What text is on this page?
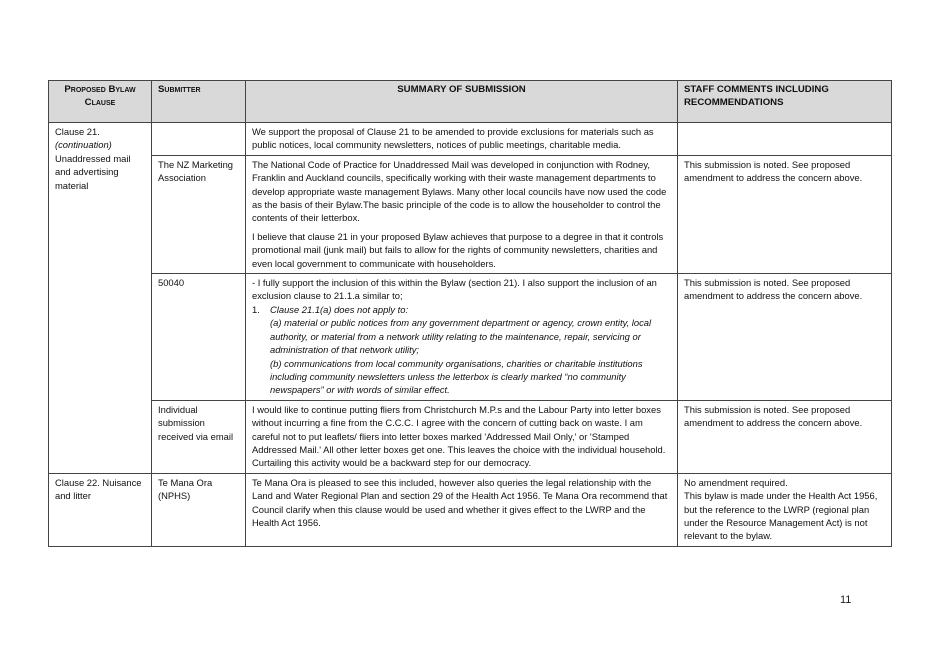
Proposed Bylaw Clause	Submitter	SUMMARY OF SUBMISSION	STAFF COMMENTS INCLUDING RECOMMENDATIONS

Clause 21.
(continuation)
Unaddressed mail and advertising material		We support the proposal of Clause 21 to be amended to provide exclusions for materials such as public notices, local community newsletters, notices of public meetings, charitable media.	

	The NZ Marketing Association	The National Code of Practice for Unaddressed Mail was developed in conjunction with Rodney, Franklin and Auckland councils, specifically working with their waste management departments to develop appropriate waste management Bylaws. Many other local councils have now used the code as the basis of their Bylaw.The basic principle of the code is to allow the householder to control the contents of their letterbox.
I believe that clause 21 in your proposed Bylaw achieves that purpose to a degree in that it controls promotional mail (junk mail) but fails to allow for the rights of community newsletters, charities and even local government to communicate with householders.	This submission is noted. See proposed amendment to address the concern above.
	50040	- I fully support the inclusion of this within the Bylaw (section 21). I also support the inclusion of an exclusion clause to 21.1.a similar to;
1. Clause 21.1(a) does not apply to:
(a) material or public notices from any government department or agency, crown entity, local authority, or material from a network utility relating to the maintenance, repair, servicing or administration of that network utility;
(b) communications from local community organisations, charities or charitable institutions including community newsletters unless the letterbox is clearly marked “no community newspapers” or with words of similar effect.	This submission is noted. See proposed amendment to address the concern above.
	Individual submission received via email	I would like to continue putting fliers from Christchurch M.P.s and the Labour Party into letter boxes without incurring a fine from the C.C.C. I agree with the concern of cutting back on waste. I am careful not to put leaflets/ fliers into letter boxes marked 'Addressed Mail Only,' or 'Stamped Addressed Mail.' All other letter boxes get one. This leaves the choice with the individual household. Curtailing this activity would be a backward step for our democracy.	This submission is noted. See proposed amendment to address the concern above.

Clause 22. Nuisance and litter	Te Mana Ora (NPHS)	Te Mana Ora is pleased to see this included, however also queries the legal relationship with the Land and Water Regional Plan and section 29 of the Health Act 1956. Te Mana Ora recommend that Council clarify when this clause would be used and whether it gives effect to the LWRP and the Health Act 1956.	No amendment required.
This bylaw is made under the Health Act 1956, but the reference to the LWRP (regional plan under the Resource Management Act) is not relevant to the bylaw.
11
